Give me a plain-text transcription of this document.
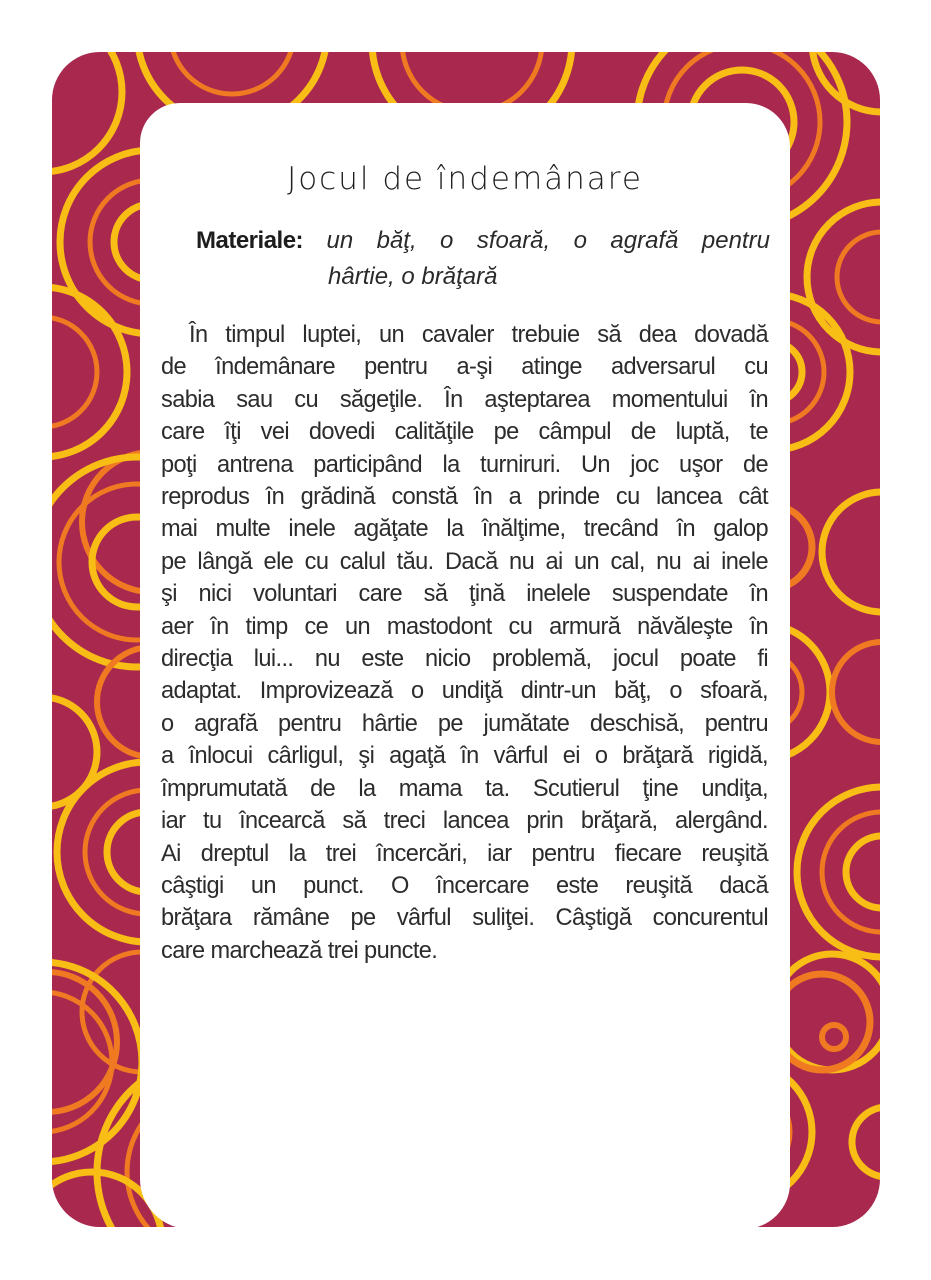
Jocul de îndemânare
Materiale: un băţ, o sfoară, o agrafă pentru
hârtie, o brăţară
În timpul luptei, un cavaler trebuie să dea dovadă
de îndemânare pentru a-şi atinge adversarul cu
sabia sau cu săgeţile. În aşteptarea momentului în
care îţi vei dovedi calităţile pe câmpul de luptă, te
poţi antrena participând la turniruri. Un joc uşor de
reprodus în grădină constă în a prinde cu lancea cât
mai multe inele agăţate la înălţime, trecând în galop
pe lângă ele cu calul tău. Dacă nu ai un cal, nu ai inele
şi nici voluntari care să ţină inelele suspendate în
aer în timp ce un mastodont cu armură năvăleşte în
direcţia lui... nu este nicio problemă, jocul poate fi
adaptat. Improvizează o undiţă dintr-un băţ, o sfoară,
o agrafă pentru hârtie pe jumătate deschisă, pentru
a înlocui cârligul, şi agaţă în vârful ei o brăţară rigidă,
împrumutată de la mama ta. Scutierul ţine undiţa,
iar tu încearcă să treci lancea prin brăţară, alergând.
Ai dreptul la trei încercări, iar pentru fiecare reuşită
câştigi un punct. O încercare este reuşită dacă
brăţara rămâne pe vârful suliţei. Câştigă concurentul
care marchează trei puncte.
